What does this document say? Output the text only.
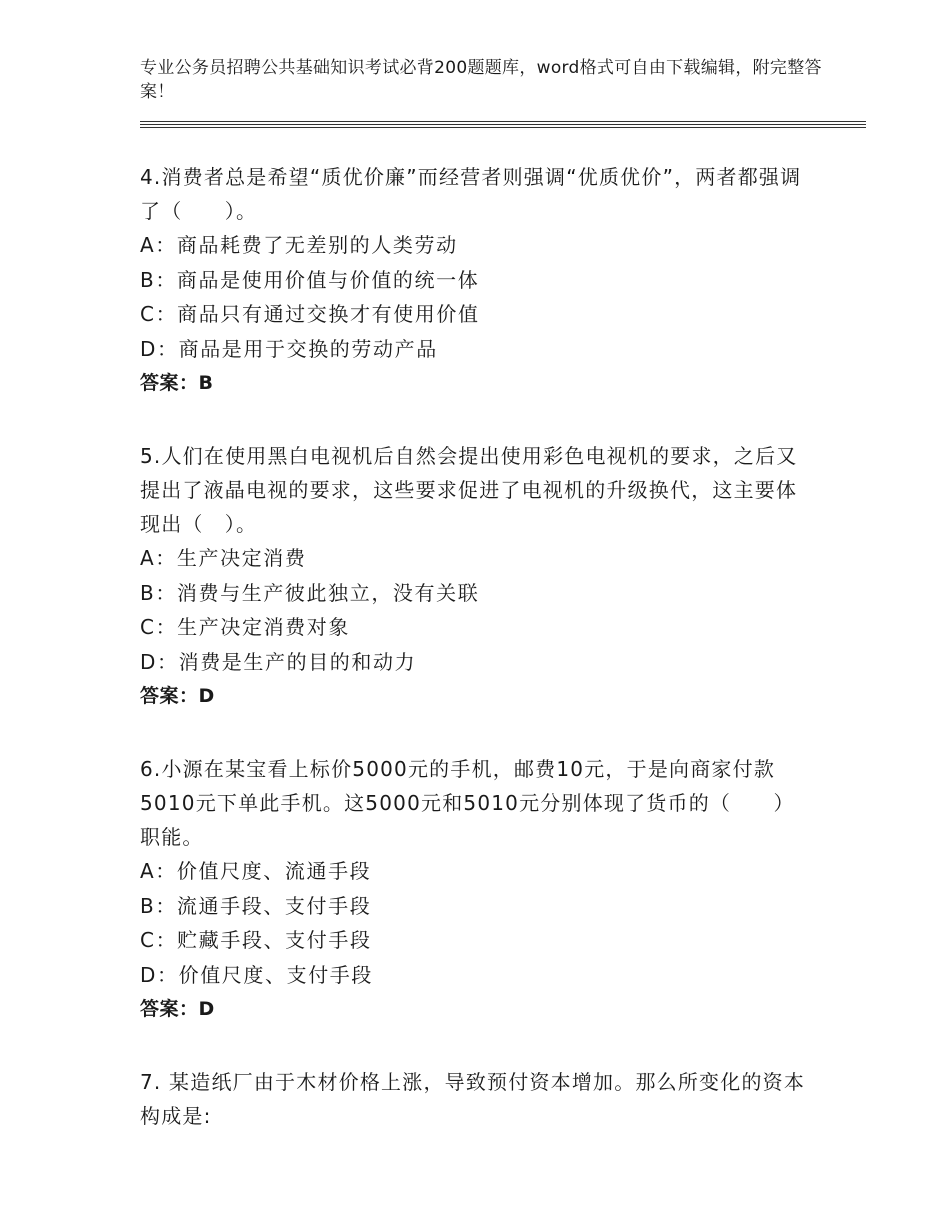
专业公务员招聘公共基础知识考试必背200题题库，word格式可自由下载编辑，附完整答案！
4.消费者总是希望“质优价廉”而经营者则强调“优质优价”，两者都强调了（　　）。
A：商品耗费了无差别的人类劳动
B：商品是使用价值与价值的统一体
C：商品只有通过交换才有使用价值
D：商品是用于交换的劳动产品
答案：B
5.人们在使用黑白电视机后自然会提出使用彩色电视机的要求，之后又提出了液晶电视的要求，这些要求促进了电视机的升级换代，这主要体现出（　）。
A：生产决定消费
B：消费与生产彼此独立，没有关联
C：生产决定消费对象
D：消费是生产的目的和动力
答案：D
6.小源在某宝看上标价5000元的手机，邮费10元，于是向商家付款5010元下单此手机。这5000元和5010元分别体现了货币的（　　）职能。
A：价值尺度、流通手段
B：流通手段、支付手段
C：贮藏手段、支付手段
D：价值尺度、支付手段
答案：D
7. 某造纸厂由于木材价格上涨，导致预付资本增加。那么所变化的资本构成是:
